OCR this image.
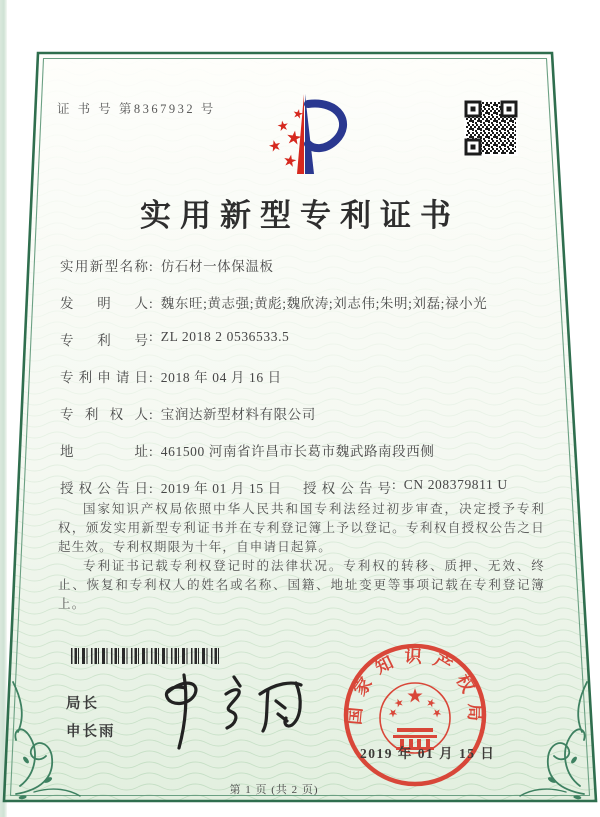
证 书 号 第8367932 号
实用新型专利证书
实用新型名称: 仿石材一体保温板
发明人: 魏东旺;黄志强;黄彪;魏欣涛;刘志伟;朱明;刘磊;禄小光
专利号: ZL 2018 2 0536533.5
专利申请日: 2018 年 04 月 16 日
专利权人: 宝润达新型材料有限公司
地址: 461500 河南省许昌市长葛市魏武路南段西侧
授权公告日: 2019 年 01 月 15 日 授权公告号: CN 208379811 U

国家知识产权局依照中华人民共和国专利法经过初步审查，决定授予专利权，颁发实用新型专利证书并在专利登记簿上予以登记。专利权自授权公告之日起生效。专利权期限为十年，自申请日起算。

专利证书记载专利权登记时的法律状况。专利权的转移、质押、无效、终止、恢复和专利权人的姓名或名称、国籍、地址变更等事项记载在专利登记簿上。

局长
申长雨
国家知识产权局
2019 年 01 月 15 日
第 1 页 (共 2 页)
